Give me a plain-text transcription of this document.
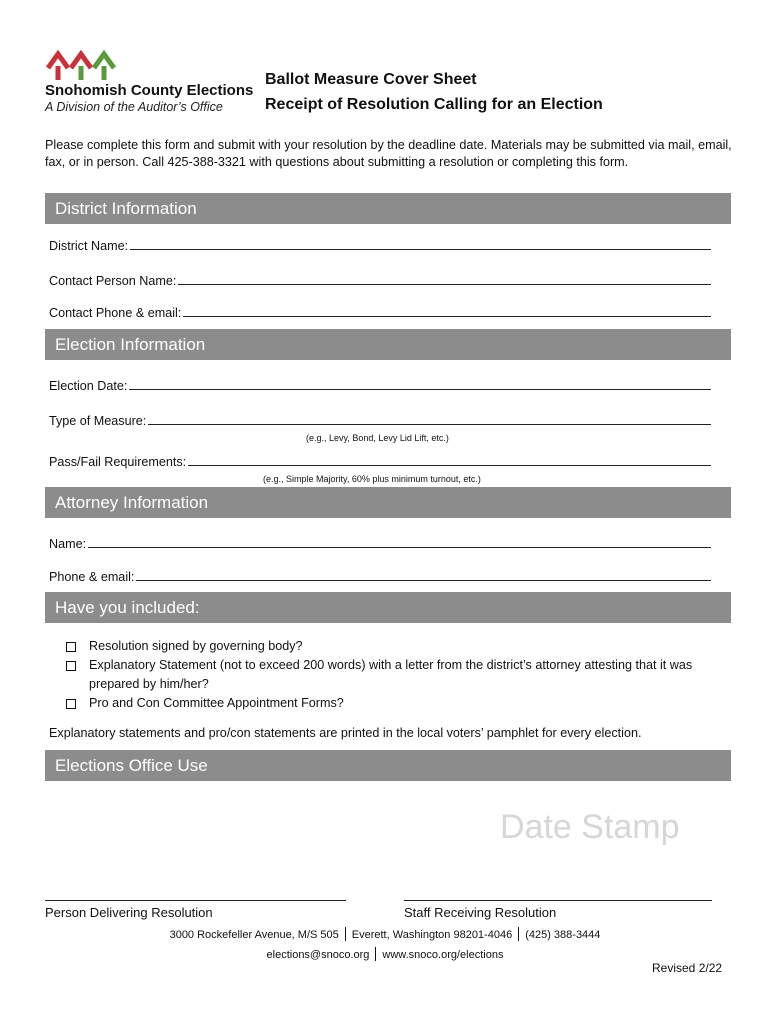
Snohomish County Elections
A Division of the Auditor’s Office
Ballot Measure Cover Sheet
Receipt of Resolution Calling for an Election
Please complete this form and submit with your resolution by the deadline date. Materials may be submitted via mail, email, fax, or in person. Call 425-388-3321 with questions about submitting a resolution or completing this form.
District Information
District Name:
Contact Person Name:
Contact Phone & email:
Election Information
Election Date:
Type of Measure:
(e.g., Levy, Bond, Levy Lid Lift, etc.)
Pass/Fail Requirements:
(e.g., Simple Majority, 60% plus minimum turnout, etc.)
Attorney Information
Name:
Phone & email:
Have you included:
Resolution signed by governing body?
Explanatory Statement (not to exceed 200 words) with a letter from the district’s attorney attesting that it was prepared by him/her?
Pro and Con Committee Appointment Forms?
Explanatory statements and pro/con statements are printed in the local voters’ pamphlet for every election.
Elections Office Use
Date Stamp
Person Delivering Resolution	Staff Receiving Resolution
3000 Rockefeller Avenue, M/S 505 Everett, Washington 98201-4046 (425) 388-3444
elections@snoco.org www.snoco.org/elections
Revised 2/22
